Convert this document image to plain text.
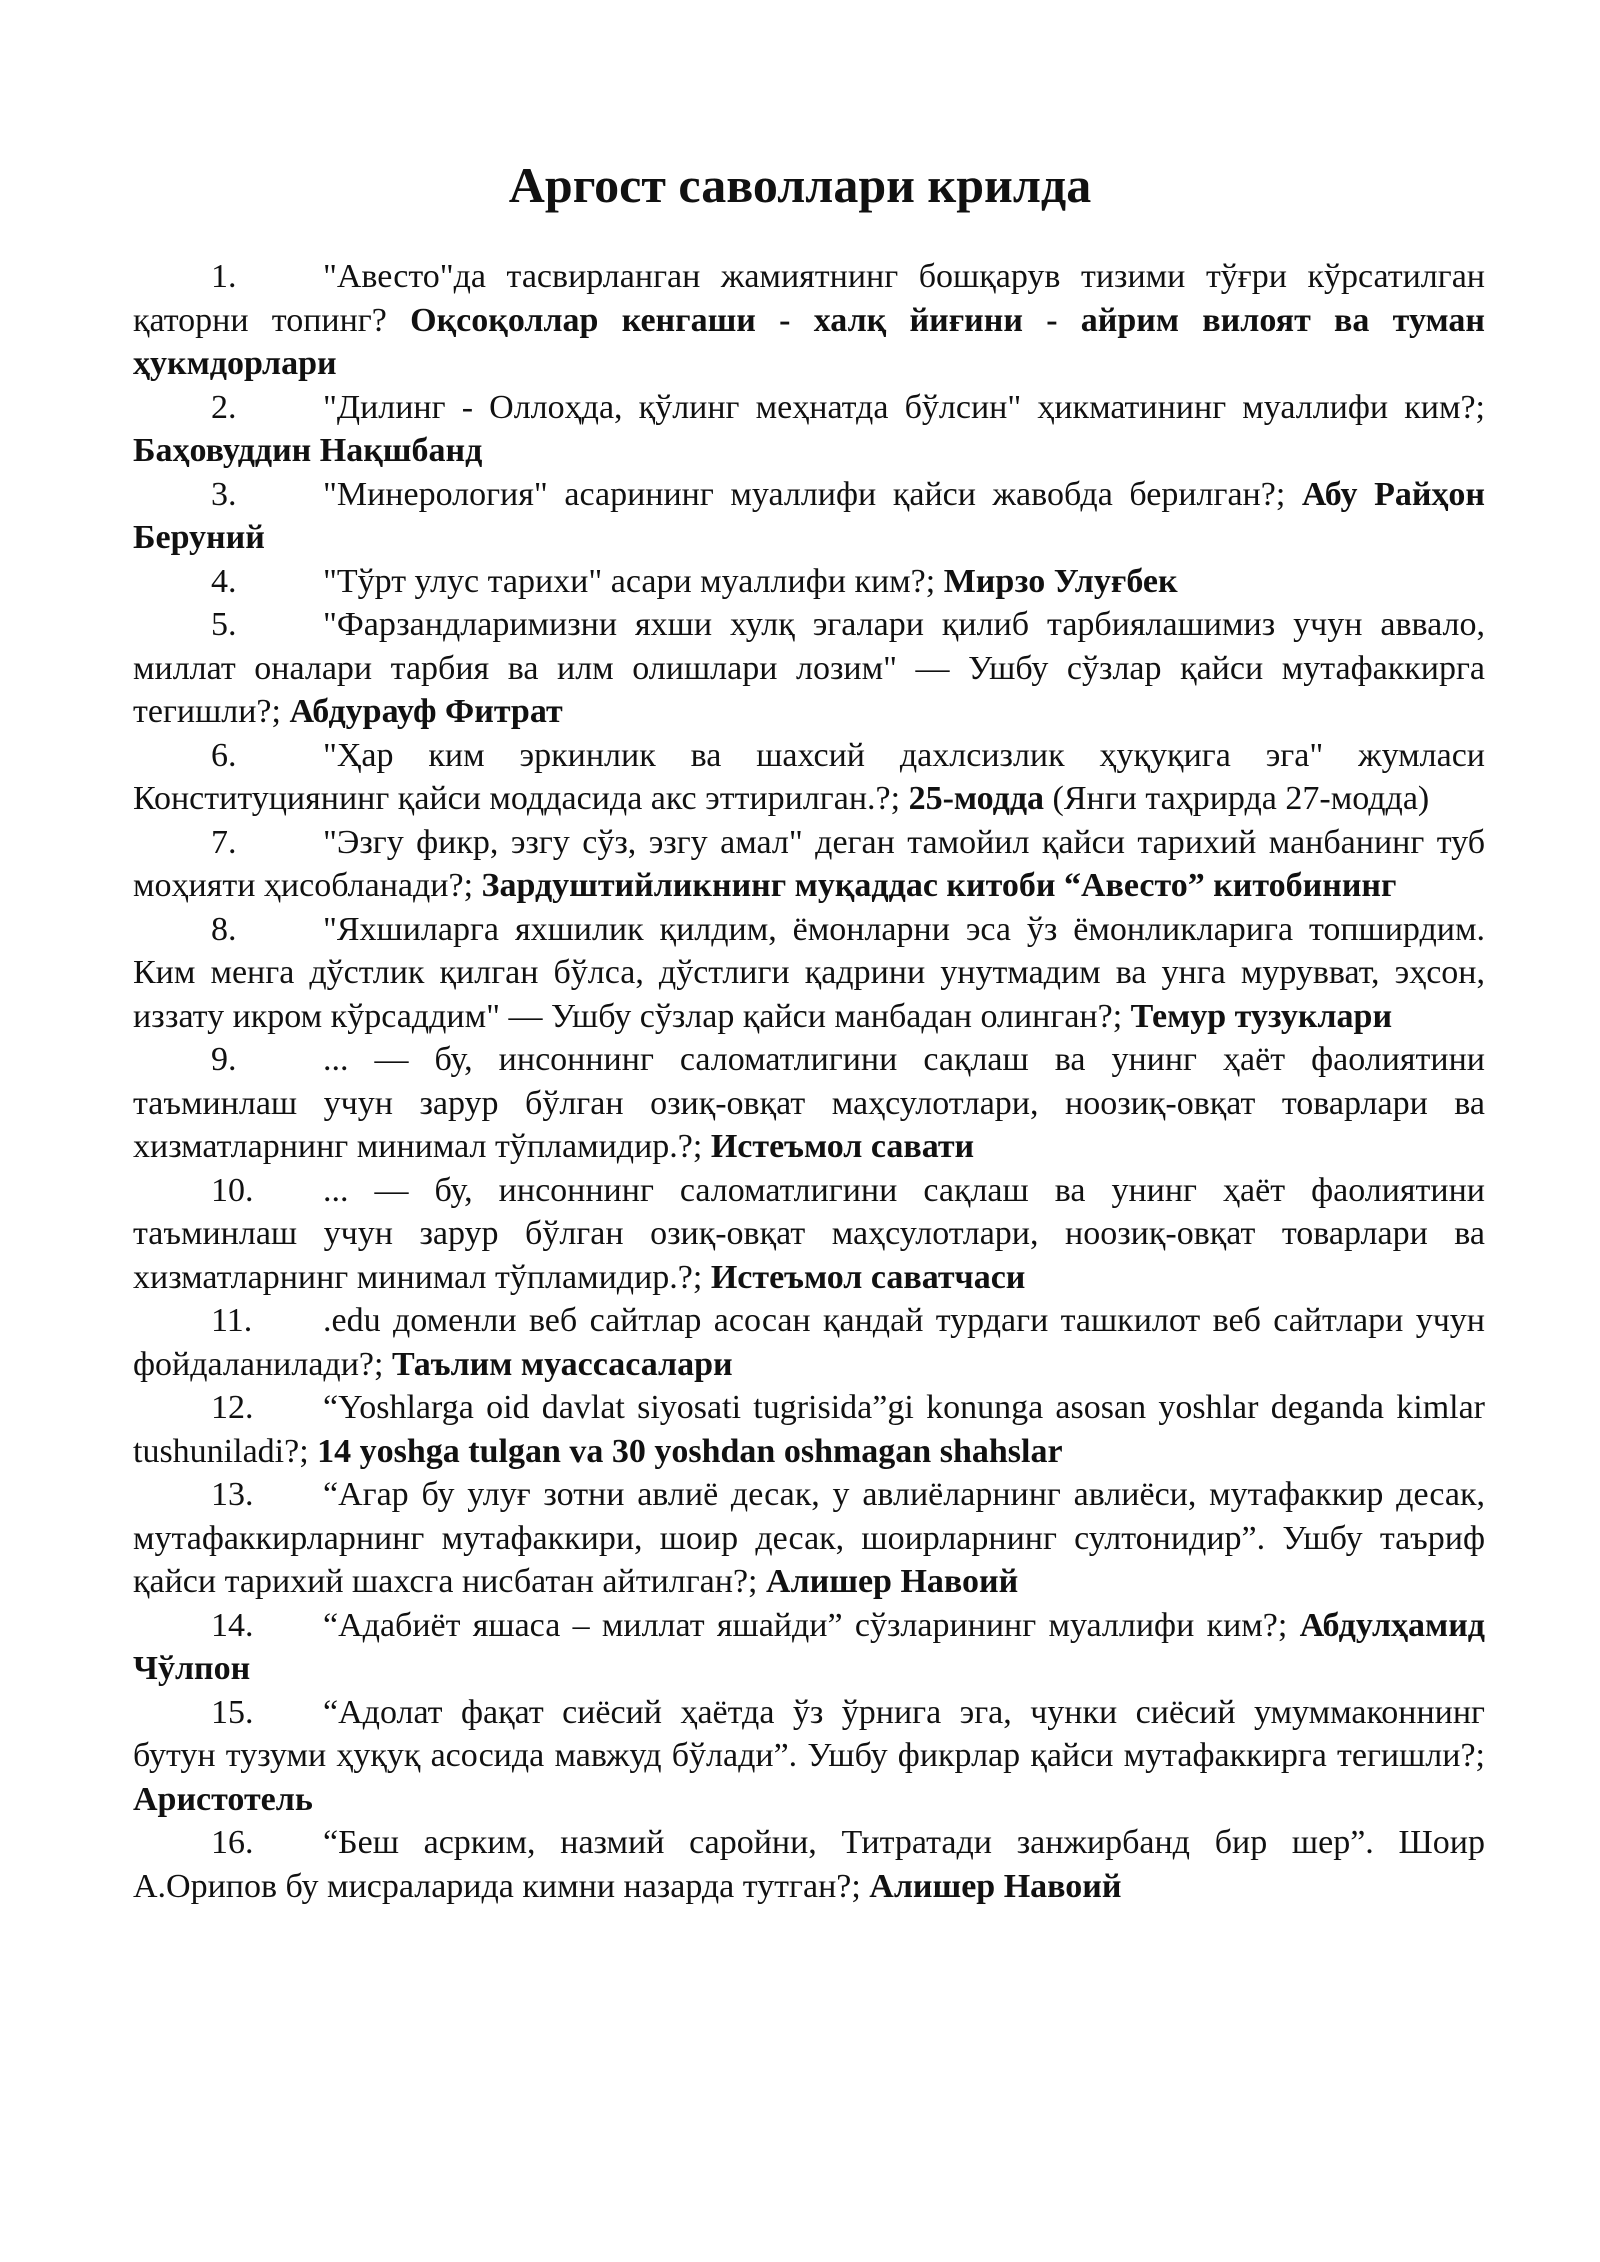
Аргост саволлари крилда

1.	"Авесто"да тасвирланган жамиятнинг бошқарув тизими тўғри кўрсатилган қаторни топинг? Оқсоқоллар кенгаши - халқ йиғини - айрим вилоят ва туман ҳукмдорлари

2.	"Дилинг - Оллоҳда, қўлинг меҳнатда бўлсин" ҳикматининг муаллифи ким?; Баҳовуддин Нақшбанд

3.	"Минерология" асарининг муаллифи қайси жавобда берилган?; Абу Райҳон Беруний

4.	"Тўрт улус тарихи" асари муаллифи ким?; Мирзо Улуғбек

5.	"Фарзандларимизни яхши хулқ эгалари қилиб тарбиялашимиз учун аввало, миллат оналари тарбия ва илм олишлари лозим" — Ушбу сўзлар қайси мутафаккирга тегишли?; Абдурауф Фитрат

6.	"Ҳар ким эркинлик ва шахсий дахлсизлик ҳуқуқига эга" жумласи Конституциянинг қайси моддасида акс эттирилган.?; 25-модда (Янги таҳрирда 27-модда)

7.	"Эзгу фикр, эзгу сўз, эзгу амал" деган тамойил қайси тарихий манбанинг туб моҳияти ҳисобланади?; Зардуштийликнинг муқаддас китоби “Авесто” китобининг

8.	"Яхшиларга яхшилик қилдим, ёмонларни эса ўз ёмонликларига топширдим. Ким менга дўстлик қилган бўлса, дўстлиги қадрини унутмадим ва унга мурувват, эҳсон, иззату икром кўрсаддим" — Ушбу сўзлар қайси манбадан олинган?; Темур тузуклари

9.	... — бу, инсоннинг саломатлигини сақлаш ва унинг ҳаёт фаолиятини таъминлаш учун зарур бўлган озиқ-овқат маҳсулотлари, ноозиқ-овқат товарлари ва хизматларнинг минимал тўпламидир.?; Истеъмол савати

10. ... — бу, инсоннинг саломатлигини сақлаш ва унинг ҳаёт фаолиятини таъминлаш учун зарур бўлган озиқ-овқат маҳсулотлари, ноозиқ-овқат товарлари ва хизматларнинг минимал тўпламидир.?; Истеъмол саватчаси

11. .edu доменли веб сайтлар асосан қандай турдаги ташкилот веб сайтлари учун фойдаланилади?; Таълим муассасалари

12. “Yoshlarga oid davlat siyosati tugrisida”gi konunga asosan yoshlar deganda kimlar tushuniladi?; 14 yoshga tulgan va 30 yoshdan oshmagan shahslar

13. “Агар бу улуғ зотни авлиё десак, у авлиёларнинг авлиёси, мутафаккир десак, мутафаккирларнинг мутафаккири, шоир десак, шоирларнинг султонидир”. Ушбу таъриф қайси тарихий шахсга нисбатан айтилган?; Алишер Навоий

14. “Адабиёт яшаса – миллат яшайди” сўзларининг муаллифи ким?; Абдулҳамид Чўлпон

15. “Адолат фақат сиёсий ҳаётда ўз ўрнига эга, чунки сиёсий умуммаконнинг бутун тузуми ҳуқуқ асосида мавжуд бўлади”. Ушбу фикрлар қайси мутафаккирга тегишли?; Аристотель

16. “Беш асрким, назмий саройни, Титратади занжирбанд бир шер”. Шоир А.Орипов бу мисраларида кимни назарда тутган?; Алишер Навоий
